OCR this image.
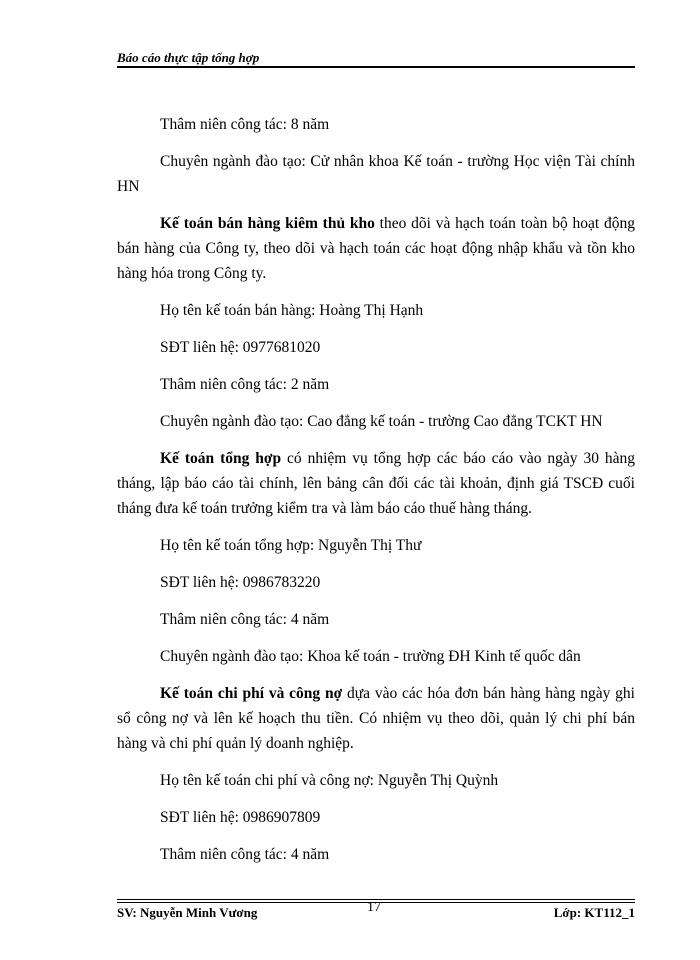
Báo cáo thực tập tổng hợp

Thâm niên công tác: 8 năm

Chuyên ngành đào tạo: Cử nhân khoa Kế toán - trường Học viện Tài chính HN

Kế toán bán hàng kiêm thủ kho theo dõi và hạch toán toàn bộ hoạt động bán hàng của Công ty, theo dõi và hạch toán các hoạt động nhập khẩu và tồn kho hàng hóa trong Công ty.

Họ tên kế toán bán hàng: Hoàng Thị Hạnh

SĐT liên hệ: 0977681020

Thâm niên công tác: 2 năm

Chuyên ngành đào tạo: Cao đẳng kế toán - trường Cao đẳng TCKT HN

Kế toán tổng hợp có nhiệm vụ tổng hợp các báo cáo vào ngày 30 hàng tháng, lập báo cáo tài chính, lên bảng cân đối các tài khoản, định giá TSCĐ cuối tháng đưa kế toán trưởng kiểm tra và làm báo cáo thuế hàng tháng.

Họ tên kế toán tổng hợp: Nguyễn Thị Thư

SĐT liên hệ: 0986783220

Thâm niên công tác: 4 năm

Chuyên ngành đào tạo: Khoa kế toán - trường ĐH Kinh tế quốc dân

Kế toán chi phí và công nợ dựa vào các hóa đơn bán hàng hàng ngày ghi sổ công nợ và lên kế hoạch thu tiền. Có nhiệm vụ theo dõi, quản lý chi phí bán hàng và chi phí quản lý doanh nghiệp.

Họ tên kế toán chi phí và công nợ: Nguyễn Thị Quỳnh

SĐT liên hệ: 0986907809

Thâm niên công tác: 4 năm

SV: Nguyễn Minh Vương	17	Lớp: KT112_1
